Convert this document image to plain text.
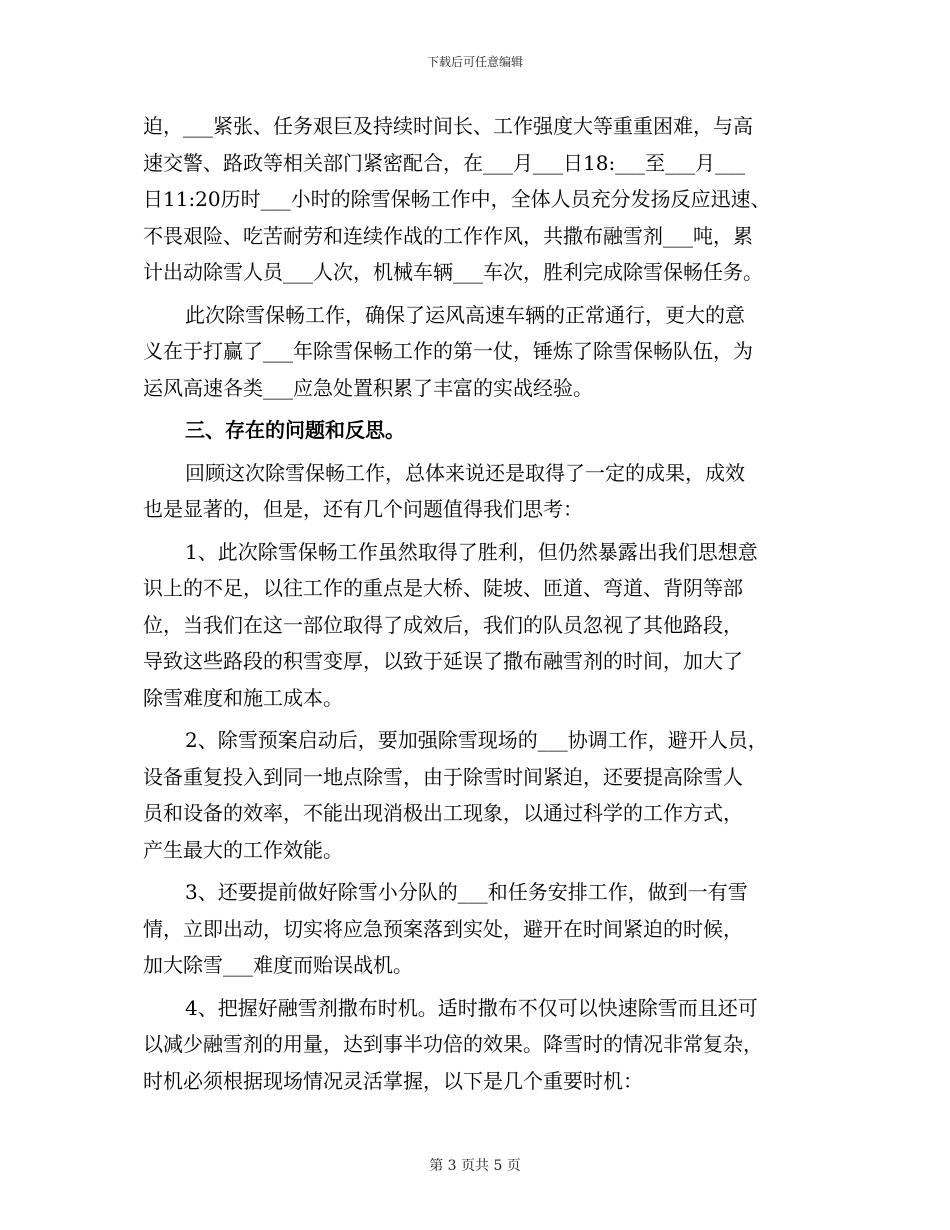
下载后可任意编辑
迫，___紧张、任务艰巨及持续时间长、工作强度大等重重困难，与高
速交警、路政等相关部门紧密配合，在___月___日18:___至___月___
日11:20历时___小时的除雪保畅工作中，全体人员充分发扬反应迅速、
不畏艰险、吃苦耐劳和连续作战的工作作风，共撒布融雪剂___吨，累
计出动除雪人员___人次，机械车辆___车次，胜利完成除雪保畅任务。
此次除雪保畅工作，确保了运风高速车辆的正常通行，更大的意
义在于打赢了___年除雪保畅工作的第一仗，锤炼了除雪保畅队伍，为
运风高速各类___应急处置积累了丰富的实战经验。
三、存在的问题和反思。
回顾这次除雪保畅工作，总体来说还是取得了一定的成果，成效
也是显著的，但是，还有几个问题值得我们思考：
1、此次除雪保畅工作虽然取得了胜利，但仍然暴露出我们思想意
识上的不足，以往工作的重点是大桥、陡坡、匝道、弯道、背阴等部
位，当我们在这一部位取得了成效后，我们的队员忽视了其他路段，
导致这些路段的积雪变厚，以致于延误了撒布融雪剂的时间，加大了
除雪难度和施工成本。
2、除雪预案启动后，要加强除雪现场的___协调工作，避开人员，
设备重复投入到同一地点除雪，由于除雪时间紧迫，还要提高除雪人
员和设备的效率，不能出现消极出工现象，以通过科学的工作方式，
产生最大的工作效能。
3、还要提前做好除雪小分队的___和任务安排工作，做到一有雪
情，立即出动，切实将应急预案落到实处，避开在时间紧迫的时候，
加大除雪___难度而贻误战机。
4、把握好融雪剂撒布时机。适时撒布不仅可以快速除雪而且还可
以减少融雪剂的用量，达到事半功倍的效果。降雪时的情况非常复杂，
时机必须根据现场情况灵活掌握，以下是几个重要时机：
第 3 页共 5 页
